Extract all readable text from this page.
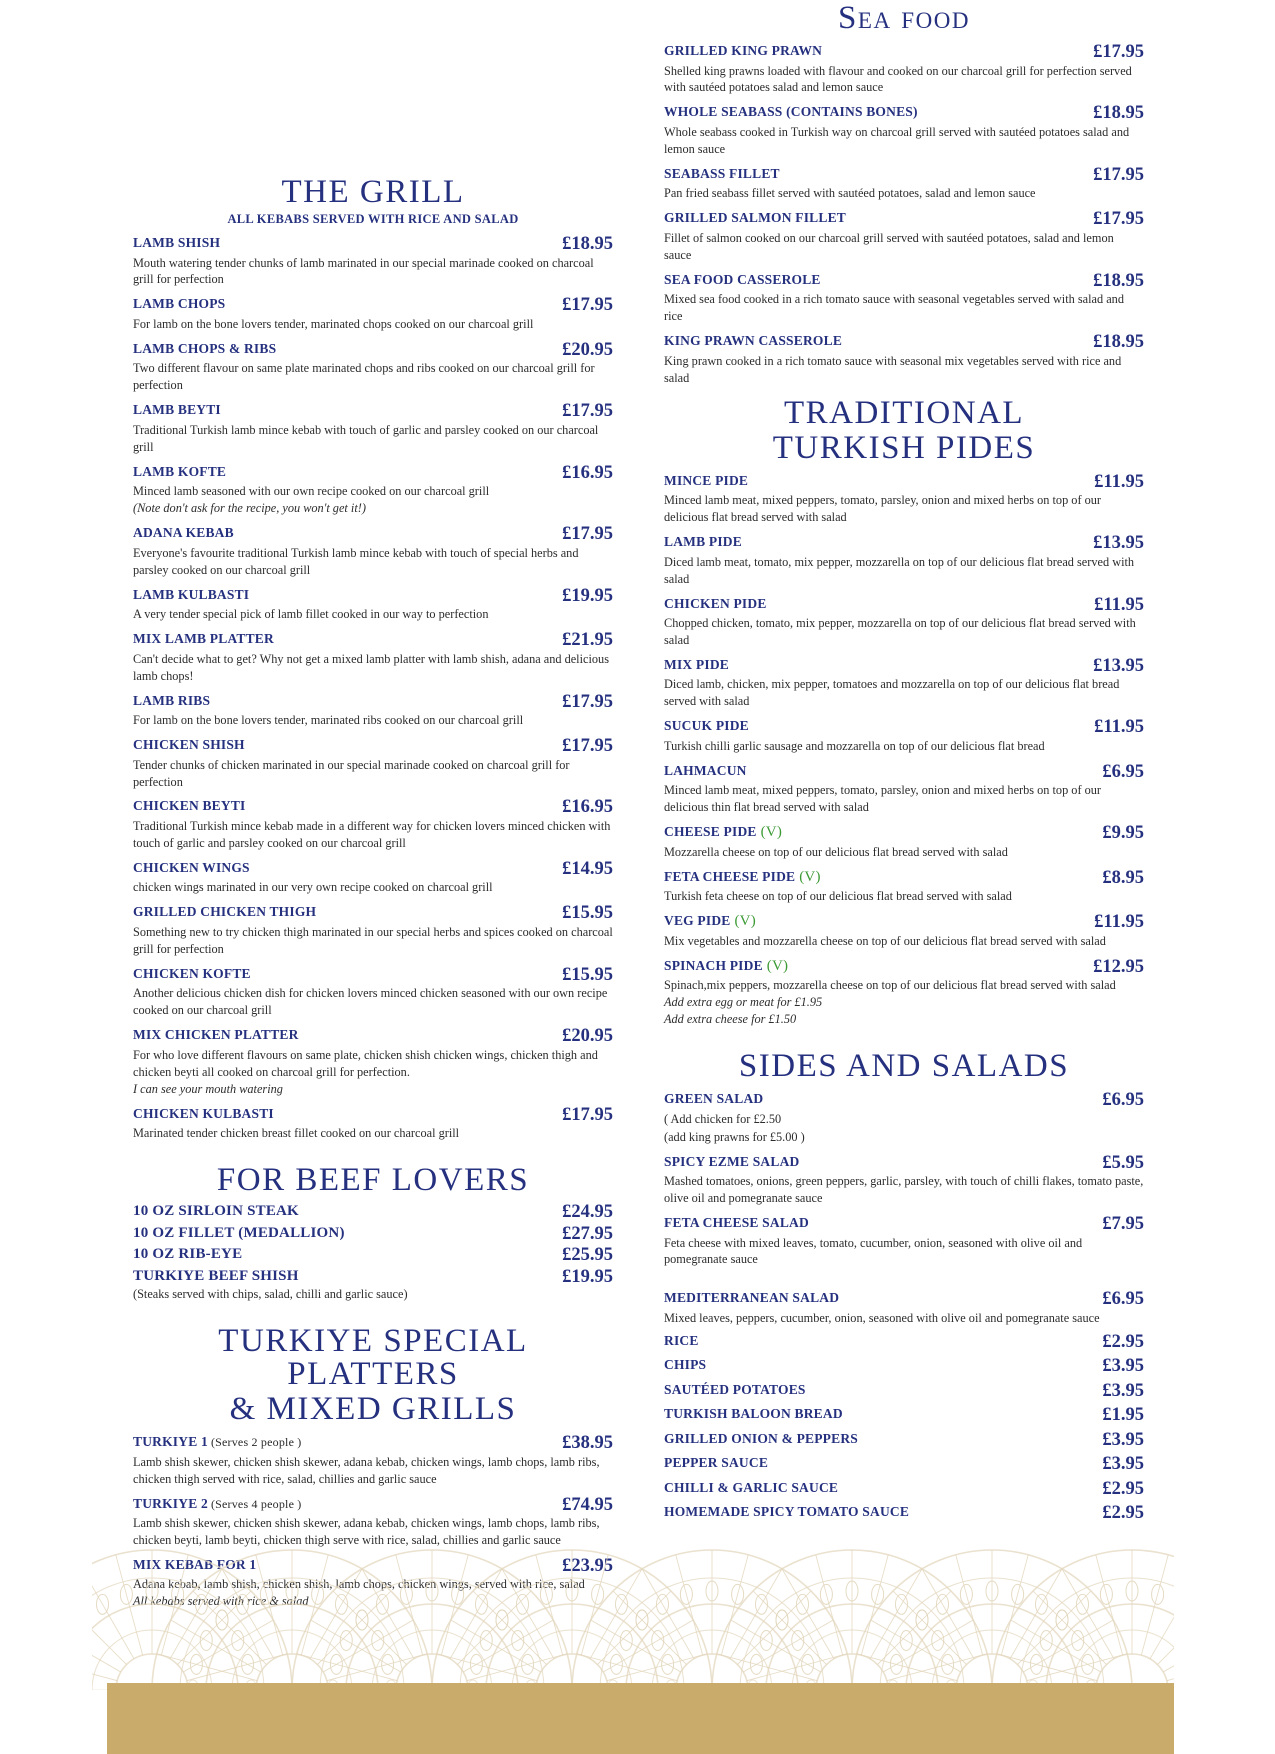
THE GRILL
ALL KEBABS SERVED WITH RICE AND SALAD
LAMB SHISH	£18.95
Mouth watering tender chunks of lamb marinated in our special marinade cooked on charcoal grill for perfection
LAMB CHOPS	£17.95
For lamb on the bone lovers tender, marinated chops cooked on our charcoal grill
LAMB CHOPS & RIBS	£20.95
Two different flavour on same plate marinated chops and ribs cooked on our charcoal grill for perfection
LAMB BEYTI	£17.95
Traditional Turkish lamb mince kebab with touch of garlic and parsley cooked on our charcoal grill
LAMB KOFTE	£16.95
Minced lamb seasoned with our own recipe cooked on our charcoal grill
(Note don't ask for the recipe, you won't get it!)
ADANA KEBAB	£17.95
Everyone's favourite traditional Turkish lamb mince kebab with touch of special herbs and parsley cooked on our charcoal grill
LAMB KULBASTI	£19.95
A very tender special pick of lamb fillet cooked in our way to perfection
MIX LAMB PLATTER	£21.95
Can't decide what to get? Why not get a mixed lamb platter with lamb shish, adana and delicious lamb chops!
LAMB RIBS	£17.95
For lamb on the bone lovers tender, marinated ribs cooked on our charcoal grill
CHICKEN SHISH	£17.95
Tender chunks of chicken marinated in our special marinade cooked on charcoal grill for perfection
CHICKEN BEYTI	£16.95
Traditional Turkish mince kebab made in a different way for chicken lovers minced chicken with touch of garlic and parsley cooked on our charcoal grill
CHICKEN WINGS	£14.95
chicken wings marinated in our very own recipe cooked on charcoal grill
GRILLED CHICKEN THIGH	£15.95
Something new to try chicken thigh marinated in our special herbs and spices cooked on charcoal grill for perfection
CHICKEN KOFTE	£15.95
Another delicious chicken dish for chicken lovers minced chicken seasoned with our own recipe cooked on our charcoal grill
MIX CHICKEN PLATTER	£20.95
For who love different flavours on same plate, chicken shish chicken wings, chicken thigh and chicken beyti all cooked on charcoal grill for perfection.
I can see your mouth watering
CHICKEN KULBASTI	£17.95
Marinated tender chicken breast fillet cooked on our charcoal grill
FOR BEEF LOVERS
10 OZ SIRLOIN STEAK	£24.95
10 OZ FILLET (MEDALLION)	£27.95
10 OZ RIB-EYE	£25.95
TURKIYE BEEF SHISH	£19.95
(Steaks served with chips, salad, chilli and garlic sauce)
TURKIYE SPECIAL PLATTERS
& MIXED GRILLS
TURKIYE 1 (Serves 2 people )	£38.95
Lamb shish skewer, chicken shish skewer, adana kebab, chicken wings, lamb chops, lamb ribs, chicken thigh served with rice, salad, chillies and garlic sauce
TURKIYE 2 (Serves 4 people )	£74.95
Lamb shish skewer, chicken shish skewer, adana kebab, chicken wings, lamb chops, lamb ribs, chicken beyti, lamb beyti, chicken thigh serve with rice, salad, chillies and garlic sauce
MIX KEBAB FOR 1	£23.95
Adana kebab, lamb shish, chicken shish, lamb chops, chicken wings, served with rice, salad
All kebabs served with rice & salad
Sea food
GRILLED KING PRAWN	£17.95
Shelled king prawns loaded with flavour and cooked on our charcoal grill for perfection served with sautéed potatoes salad and lemon sauce
WHOLE SEABASS (CONTAINS BONES)	£18.95
Whole seabass cooked in Turkish way on charcoal grill served with sautéed potatoes salad and lemon sauce
SEABASS FILLET	£17.95
Pan fried seabass fillet served with sautéed potatoes, salad and lemon sauce
GRILLED SALMON FILLET	£17.95
Fillet of salmon cooked on our charcoal grill served with sautéed potatoes, salad and lemon sauce
SEA FOOD CASSEROLE	£18.95
Mixed sea food cooked in a rich tomato sauce with seasonal vegetables served with salad and rice
KING PRAWN CASSEROLE	£18.95
King prawn cooked in a rich tomato sauce with seasonal mix vegetables served with rice and salad
TRADITIONAL
TURKISH PIDES
MINCE PIDE	£11.95
Minced lamb meat, mixed peppers, tomato, parsley, onion and mixed herbs on top of our delicious flat bread served with salad
LAMB PIDE	£13.95
Diced lamb meat, tomato, mix pepper, mozzarella on top of our delicious flat bread served with salad
CHICKEN PIDE	£11.95
Chopped chicken, tomato, mix pepper, mozzarella on top of our delicious flat bread served with salad
MIX PIDE	£13.95
Diced lamb, chicken, mix pepper, tomatoes and mozzarella on top of our delicious flat bread served with salad
SUCUK PIDE	£11.95
Turkish chilli garlic sausage and mozzarella on top of our delicious flat bread
LAHMACUN	£6.95
Minced lamb meat, mixed peppers, tomato, parsley, onion and mixed herbs on top of our delicious thin flat bread served with salad
CHEESE PIDE (V)	£9.95
Mozzarella cheese on top of our delicious flat bread served with salad
FETA CHEESE PIDE (V)	£8.95
Turkish feta cheese on top of our delicious flat bread served with salad
VEG PIDE (V)	£11.95
Mix vegetables and mozzarella cheese on top of our delicious flat bread served with salad
SPINACH PIDE (V)	£12.95
Spinach,mix peppers, mozzarella cheese on top of our delicious flat bread served with salad
Add extra egg or meat for £1.95
Add extra cheese for £1.50
SIDES AND SALADS
GREEN SALAD	£6.95
( Add chicken for £2.50
(add king prawns for £5.00 )
SPICY EZME SALAD	£5.95
Mashed tomatoes, onions, green peppers, garlic, parsley, with touch of chilli flakes, tomato paste, olive oil and pomegranate sauce
FETA CHEESE SALAD	£7.95
Feta cheese with mixed leaves, tomato, cucumber, onion, seasoned with olive oil and pomegranate sauce
MEDITERRANEAN SALAD	£6.95
Mixed leaves, peppers, cucumber, onion, seasoned with olive oil and pomegranate sauce
RICE	£2.95
CHIPS	£3.95
SAUTÉED POTATOES	£3.95
TURKISH BALOON BREAD	£1.95
GRILLED ONION & PEPPERS	£3.95
PEPPER SAUCE	£3.95
CHILLI & GARLIC SAUCE	£2.95
HOMEMADE SPICY TOMATO SAUCE	£2.95
